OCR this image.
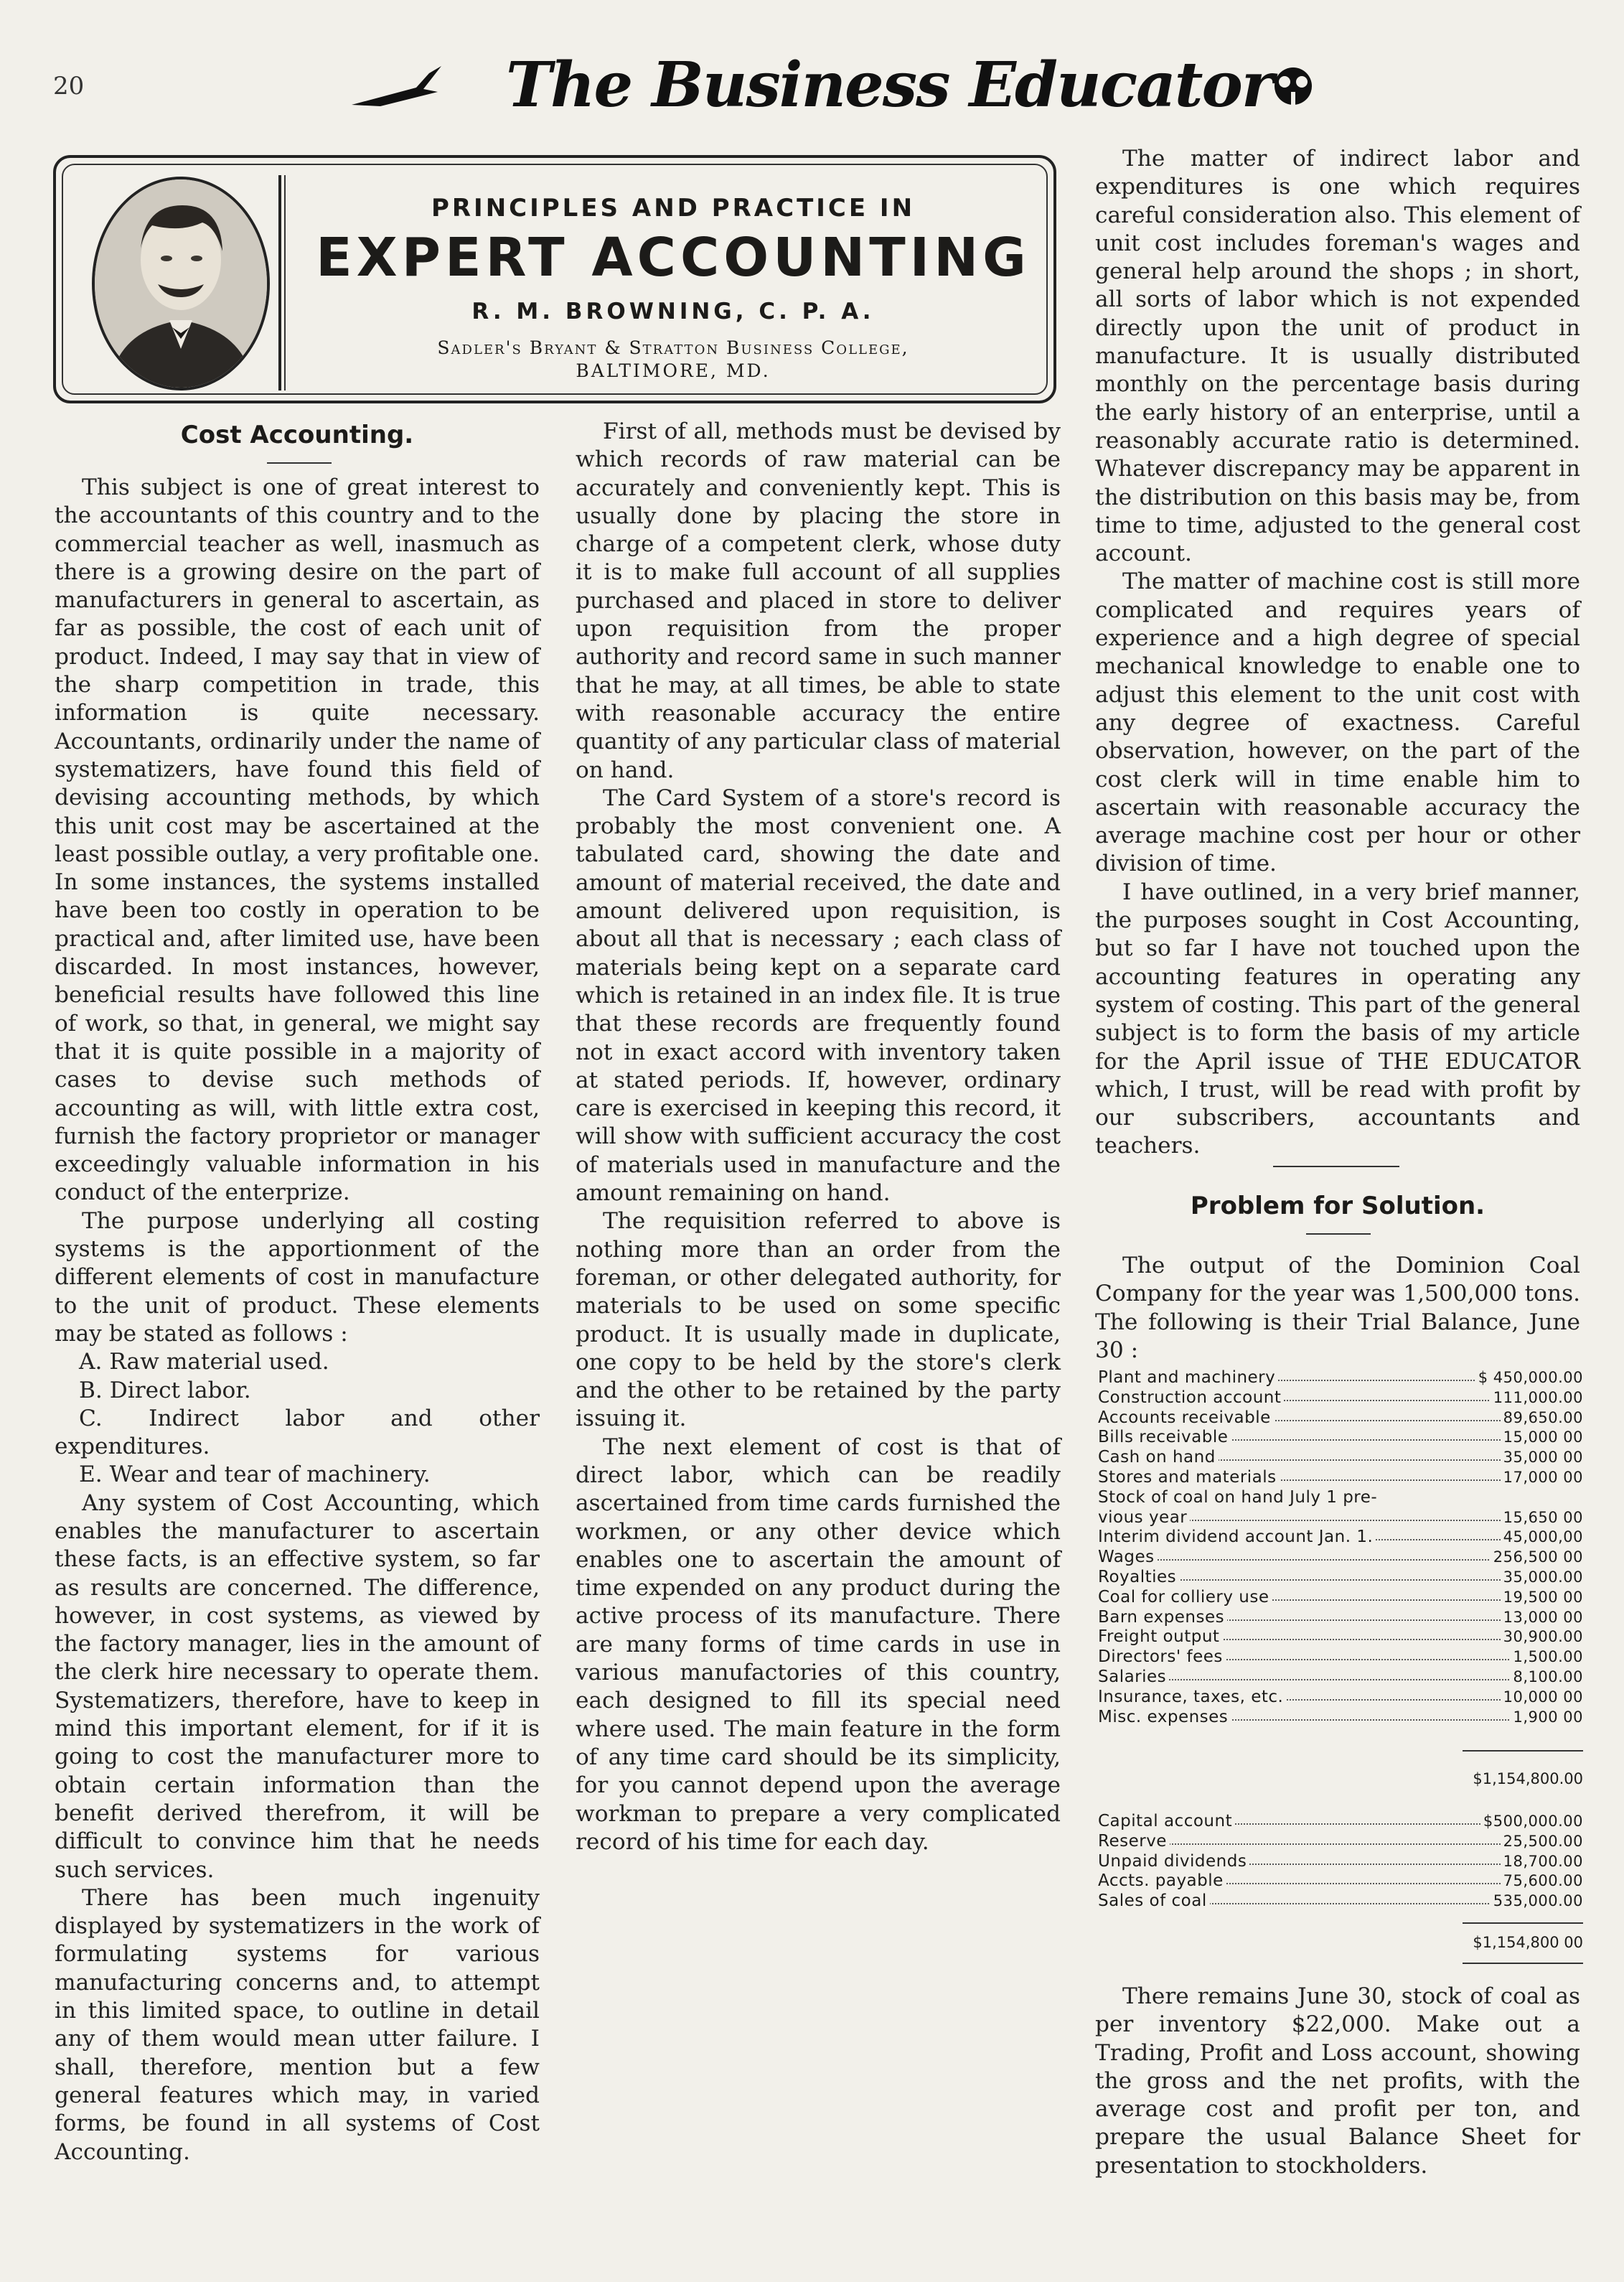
20	The Business Educator
PRINCIPLES AND PRACTICE IN
EXPERT ACCOUNTING
R. M. BROWNING, C. P. A.
Sadler's Bryant & Stratton Business College,
BALTIMORE, MD.
Cost Accounting.

This subject is one of great interest to the accountants of this country and to the commercial teacher as well, inasmuch as there is a growing desire on the part of manufacturers in general to ascertain, as far as possible, the cost of each unit of product. Indeed, I may say that in view of the sharp competition in trade, this information is quite necessary. Accountants, ordinarily under the name of systematizers, have found this field of devising accounting methods, by which this unit cost may be ascertained at the least possible outlay, a very profitable one. In some instances, the systems installed have been too costly in operation to be practical and, after limited use, have been discarded. In most instances, however, beneficial results have followed this line of work, so that, in general, we might say that it is quite possible in a majority of cases to devise such methods of accounting as will, with little extra cost, furnish the factory proprietor or manager exceedingly valuable information in his conduct of the enterprize.

The purpose underlying all costing systems is the apportionment of the different elements of cost in manufacture to the unit of product. These elements may be stated as follows :

A. Raw material used.

B. Direct labor.

C. Indirect labor and other expenditures.

E. Wear and tear of machinery.

Any system of Cost Accounting, which enables the manufacturer to ascertain these facts, is an effective system, so far as results are concerned. The difference, however, in cost systems, as viewed by the factory manager, lies in the amount of the clerk hire necessary to operate them. Systematizers, therefore, have to keep in mind this important element, for if it is going to cost the manufacturer more to obtain certain information than the benefit derived therefrom, it will be difficult to convince him that he needs such services.

There has been much ingenuity displayed by systematizers in the work of formulating systems for various manufacturing concerns and, to attempt in this limited space, to outline in detail any of them would mean utter failure. I shall, therefore, mention but a few general features which may, in varied forms, be found in all systems of Cost Accounting.

First of all, methods must be devised by which records of raw material can be accurately and conveniently kept. This is usually done by placing the store in charge of a competent clerk, whose duty it is to make full account of all supplies purchased and placed in store to deliver upon requisition from the proper authority and record same in such manner that he may, at all times, be able to state with reasonable accuracy the entire quantity of any particular class of material on hand.

The Card System of a store's record is probably the most convenient one. A tabulated card, showing the date and amount of material received, the date and amount delivered upon requisition, is about all that is necessary ; each class of materials being kept on a separate card which is retained in an index file. It is true that these records are frequently found not in exact accord with inventory taken at stated periods. If, however, ordinary care is exercised in keeping this record, it will show with sufficient accuracy the cost of materials used in manufacture and the amount remaining on hand.

The requisition referred to above is nothing more than an order from the foreman, or other delegated authority, for materials to be used on some specific product. It is usually made in duplicate, one copy to be held by the store's clerk and the other to be retained by the party issuing it.

The next element of cost is that of direct labor, which can be readily ascertained from time cards furnished the workmen, or any other device which enables one to ascertain the amount of time expended on any product during the active process of its manufacture. There are many forms of time cards in use in various manufactories of this country, each designed to fill its special need where used. The main feature in the form of any time card should be its simplicity, for you cannot depend upon the average workman to prepare a very complicated record of his time for each day.

The matter of indirect labor and expenditures is one which requires careful consideration also. This element of unit cost includes foreman's wages and general help around the shops ; in short, all sorts of labor which is not expended directly upon the unit of product in manufacture. It is usually distributed monthly on the percentage basis during the early history of an enterprise, until a reasonably accurate ratio is determined. Whatever discrepancy may be apparent in the distribution on this basis may be, from time to time, adjusted to the general cost account.

The matter of machine cost is still more complicated and requires years of experience and a high degree of special mechanical knowledge to enable one to adjust this element to the unit cost with any degree of exactness. Careful observation, however, on the part of the cost clerk will in time enable him to ascertain with reasonable accuracy the average machine cost per hour or other division of time.

I have outlined, in a very brief manner, the purposes sought in Cost Accounting, but so far I have not touched upon the accounting features in operating any system of costing. This part of the general subject is to form the basis of my article for the April issue of THE EDUCATOR which, I trust, will be read with profit by our subscribers, accountants and teachers.

Problem for Solution.

The output of the Dominion Coal Company for the year was 1,500,000 tons. The following is their Trial Balance, June 30 :

Plant and machinery	$ 450,000.00
Construction account	111,000.00
Accounts receivable	89,650.00
Bills receivable	15,000 00
Cash on hand	35,000 00
Stores and materials	17,000 00
Stock of coal on hand July 1 pre-
vious year	15,650 00
Interim dividend account Jan. 1.	45,000,00
Wages	256,500 00
Royalties	35,000.00
Coal for colliery use	19,500 00
Barn expenses	13,000 00
Freight output	30,900.00
Directors' fees	1,500.00
Salaries	8,100.00
Insurance, taxes, etc.	10,000 00
Misc. expenses	1,900 00
$1,154,800.00
Capital account	$500,000.00
Reserve	25,500.00
Unpaid dividends	18,700.00
Accts. payable	75,600.00
Sales of coal	535,000.00
$1,154,800 00

There remains June 30, stock of coal as per inventory $22,000. Make out a Trading, Profit and Loss account, showing the gross and the net profits, with the average cost and profit per ton, and prepare the usual Balance Sheet for presentation to stockholders.
